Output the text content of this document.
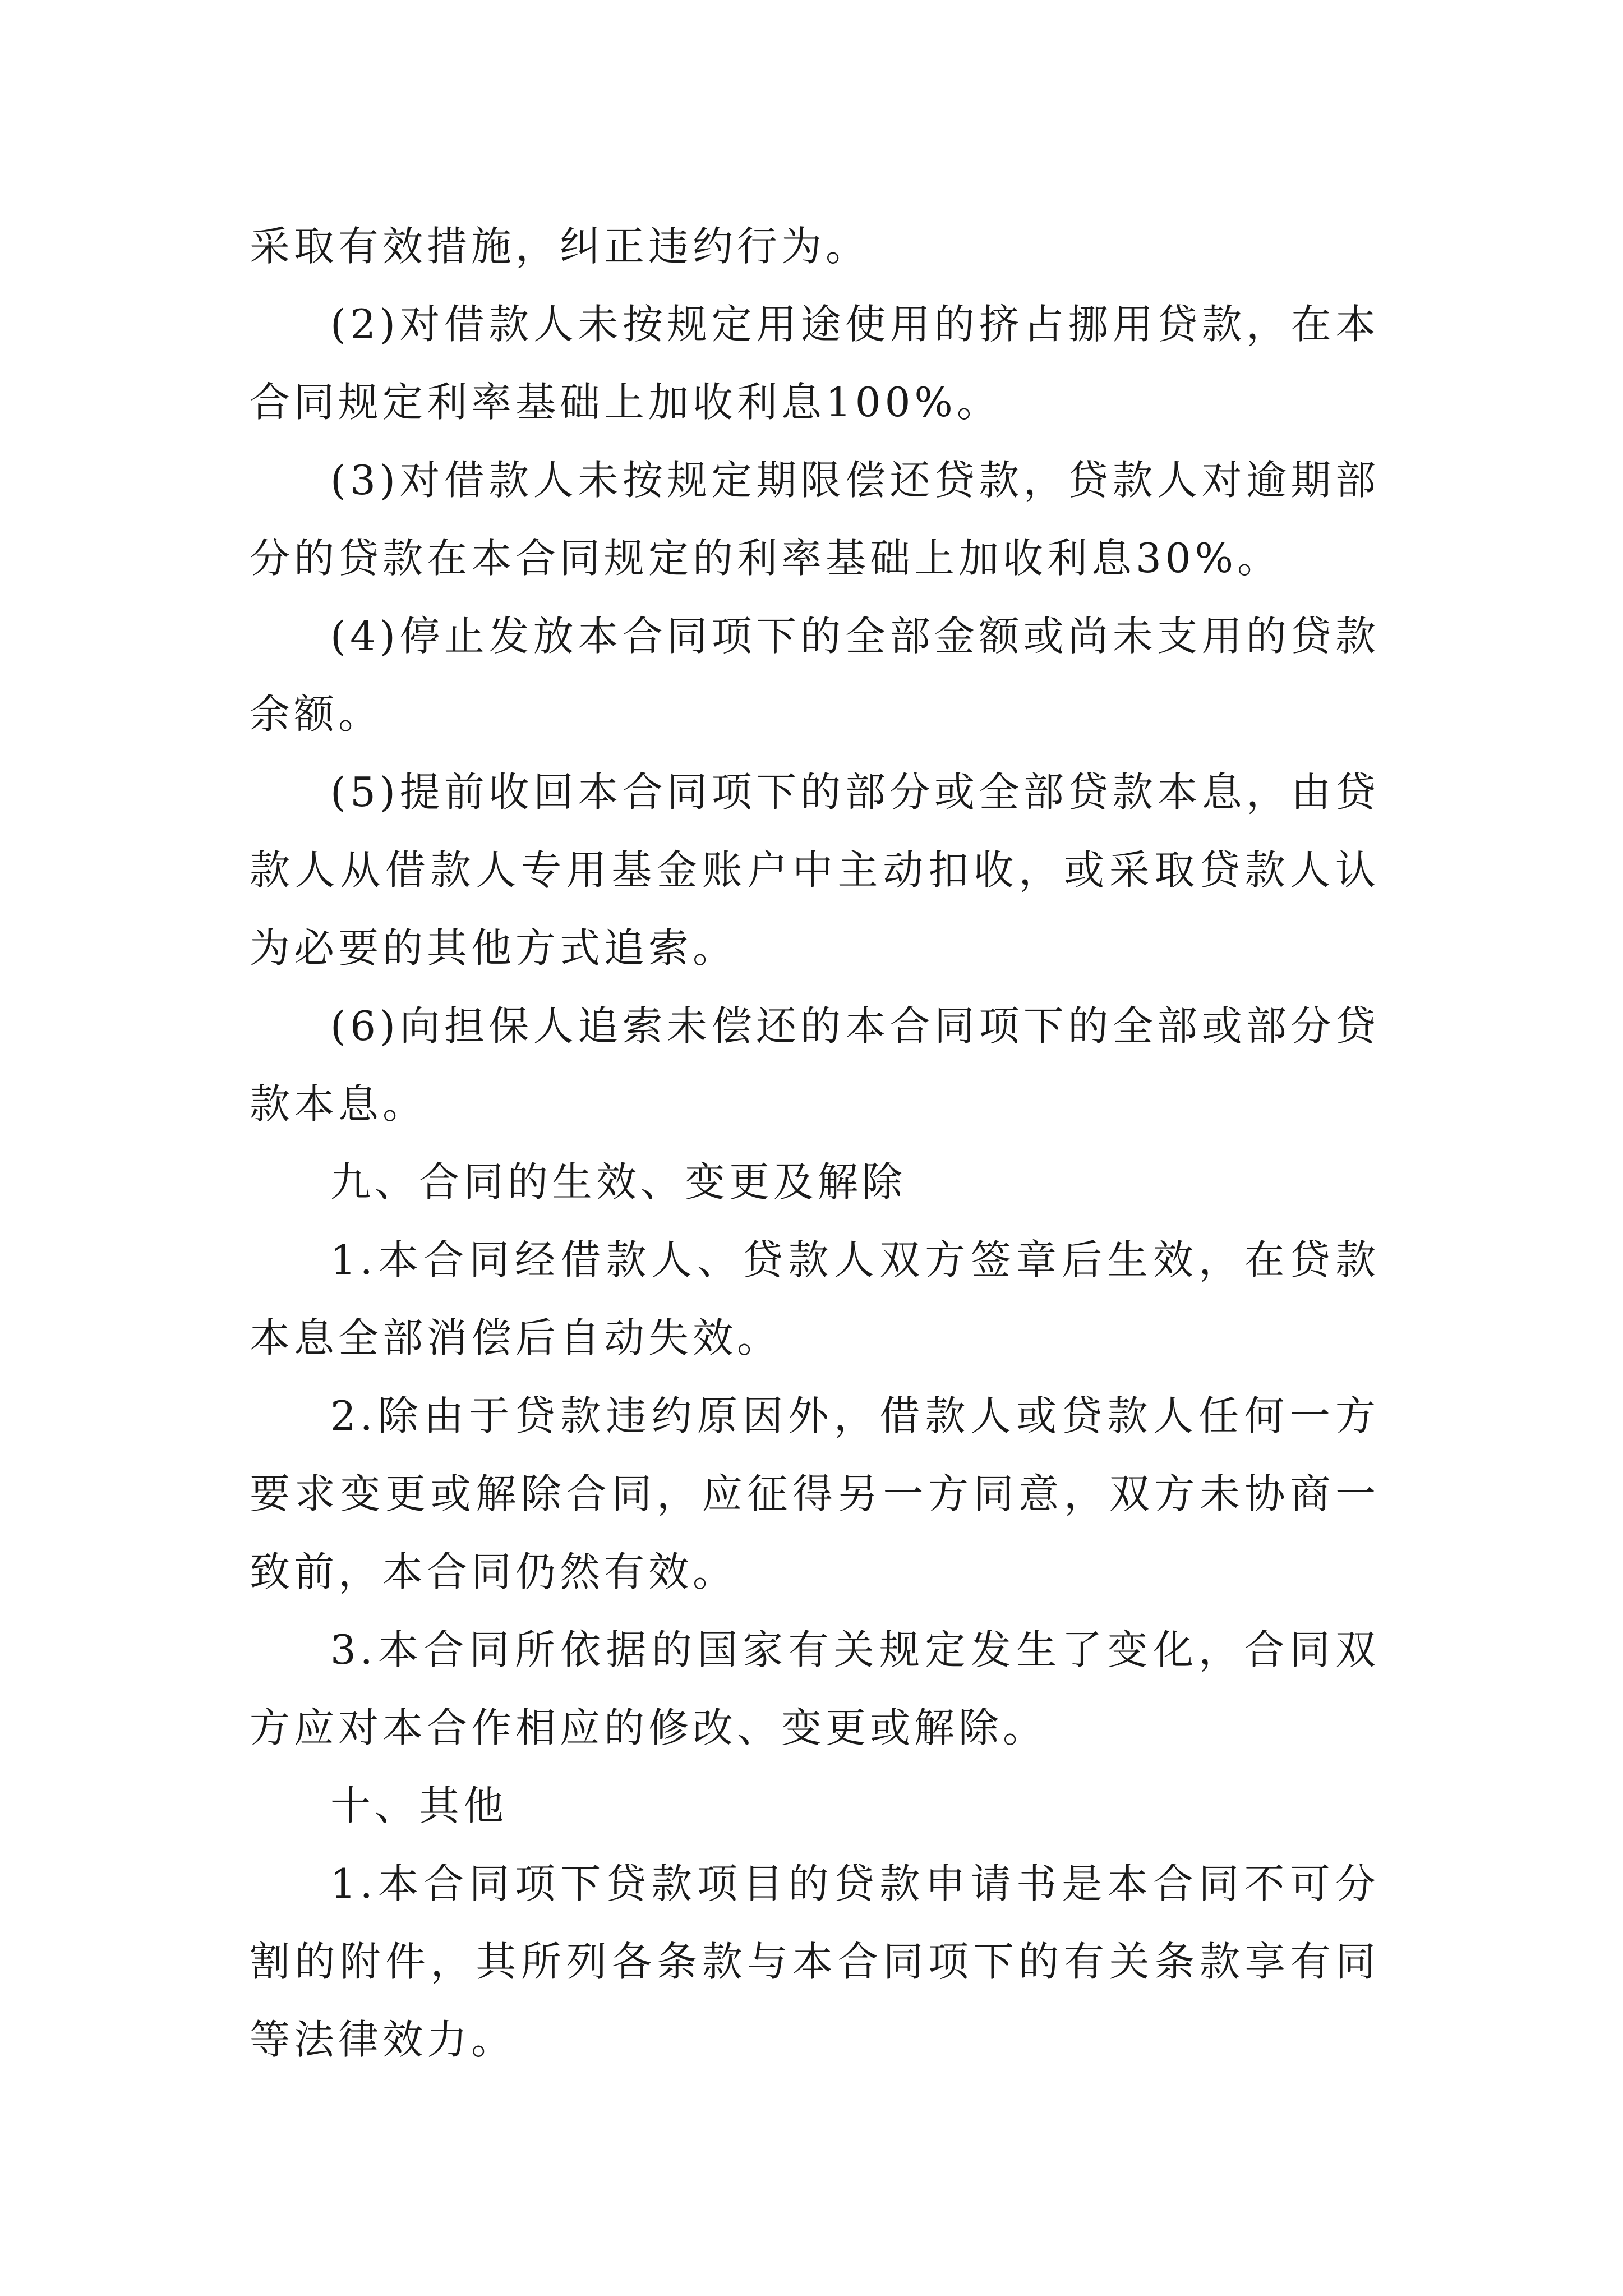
采取有效措施，纠正违约行为。

(2)对借款人未按规定用途使用的挤占挪用贷款，在本合同规定利率基础上加收利息100%。

(3)对借款人未按规定期限偿还贷款，贷款人对逾期部分的贷款在本合同规定的利率基础上加收利息30%。

(4)停止发放本合同项下的全部金额或尚未支用的贷款余额。

(5)提前收回本合同项下的部分或全部贷款本息，由贷款人从借款人专用基金账户中主动扣收，或采取贷款人认为必要的其他方式追索。

(6)向担保人追索未偿还的本合同项下的全部或部分贷款本息。

九、合同的生效、变更及解除

1.本合同经借款人、贷款人双方签章后生效，在贷款本息全部消偿后自动失效。

2.除由于贷款违约原因外，借款人或贷款人任何一方要求变更或解除合同，应征得另一方同意，双方未协商一致前，本合同仍然有效。

3.本合同所依据的国家有关规定发生了变化，合同双方应对本合作相应的修改、变更或解除。

十、其他

1.本合同项下贷款项目的贷款申请书是本合同不可分割的附件，其所列各条款与本合同项下的有关条款享有同等法律效力。
